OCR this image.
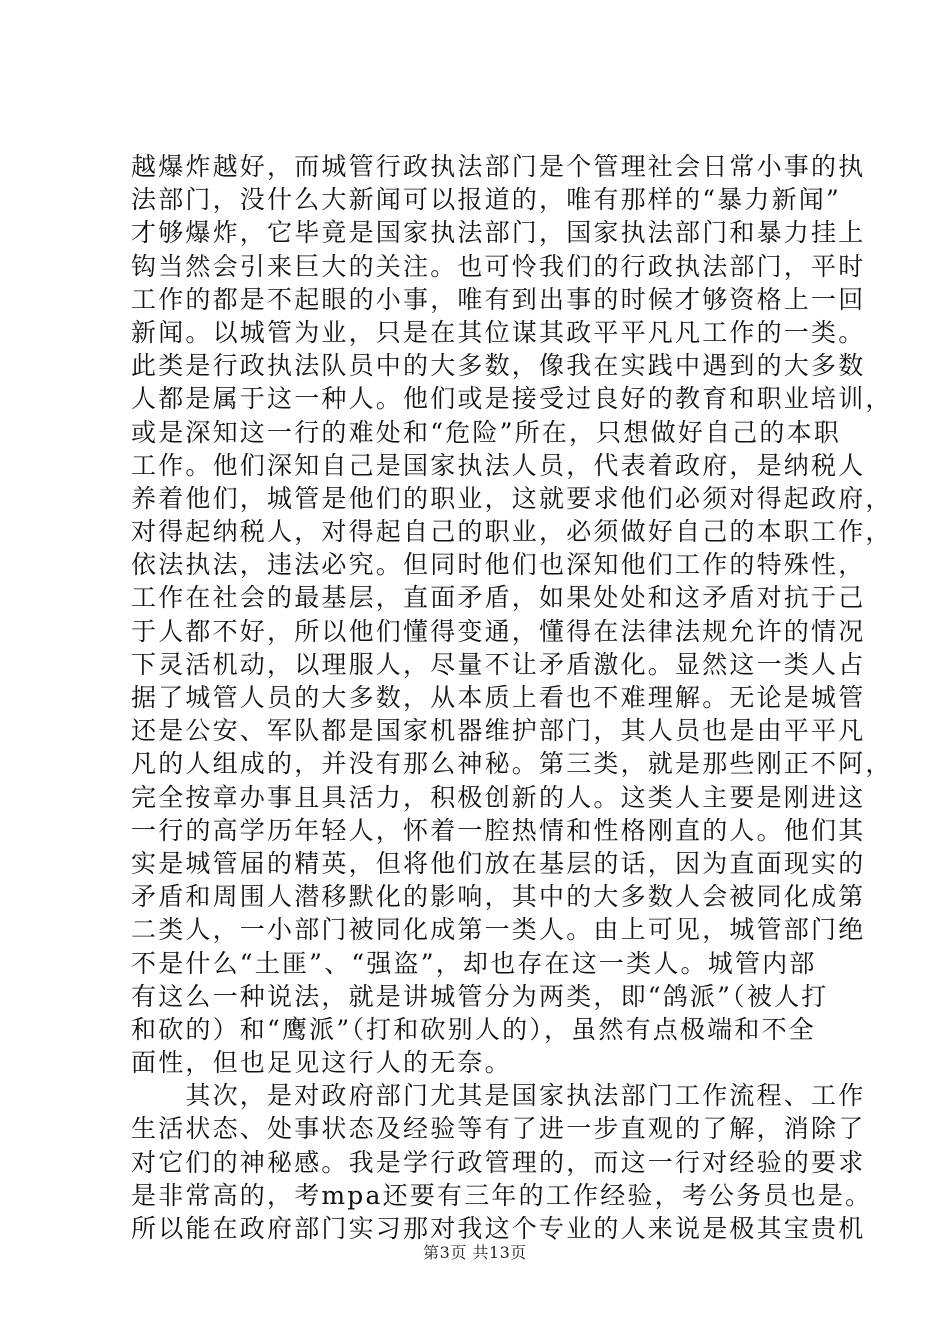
越爆炸越好，而城管行政执法部门是个管理社会日常小事的执
法部门，没什么大新闻可以报道的，唯有那样的“暴力新闻”
才够爆炸，它毕竟是国家执法部门，国家执法部门和暴力挂上
钩当然会引来巨大的关注。也可怜我们的行政执法部门，平时
工作的都是不起眼的小事，唯有到出事的时候才够资格上一回
新闻。以城管为业，只是在其位谋其政平平凡凡工作的一类。
此类是行政执法队员中的大多数，像我在实践中遇到的大多数
人都是属于这一种人。他们或是接受过良好的教育和职业培训，
或是深知这一行的难处和“危险”所在，只想做好自己的本职
工作。他们深知自己是国家执法人员，代表着政府，是纳税人
养着他们，城管是他们的职业，这就要求他们必须对得起政府，
对得起纳税人，对得起自己的职业，必须做好自己的本职工作，
依法执法，违法必究。但同时他们也深知他们工作的特殊性，
工作在社会的最基层，直面矛盾，如果处处和这矛盾对抗于己
于人都不好，所以他们懂得变通，懂得在法律法规允许的情况
下灵活机动，以理服人，尽量不让矛盾激化。显然这一类人占
据了城管人员的大多数，从本质上看也不难理解。无论是城管
还是公安、军队都是国家机器维护部门，其人员也是由平平凡
凡的人组成的，并没有那么神秘。第三类，就是那些刚正不阿，
完全按章办事且具活力，积极创新的人。这类人主要是刚进这
一行的高学历年轻人，怀着一腔热情和性格刚直的人。他们其
实是城管届的精英，但将他们放在基层的话，因为直面现实的
矛盾和周围人潜移默化的影响，其中的大多数人会被同化成第
二类人，一小部门被同化成第一类人。由上可见，城管部门绝
不是什么“土匪”、“强盗”，却也存在这一类人。城管内部
有这么一种说法，就是讲城管分为两类，即“鸽派”（被人打
和砍的）和“鹰派”（打和砍别人的），虽然有点极端和不全
面性，但也足见这行人的无奈。
　　其次，是对政府部门尤其是国家执法部门工作流程、工作
生活状态、处事状态及经验等有了进一步直观的了解，消除了
对它们的神秘感。我是学行政管理的，而这一行对经验的要求
是非常高的，考mpa还要有三年的工作经验，考公务员也是。
所以能在政府部门实习那对我这个专业的人来说是极其宝贵机
第3页 共13页
